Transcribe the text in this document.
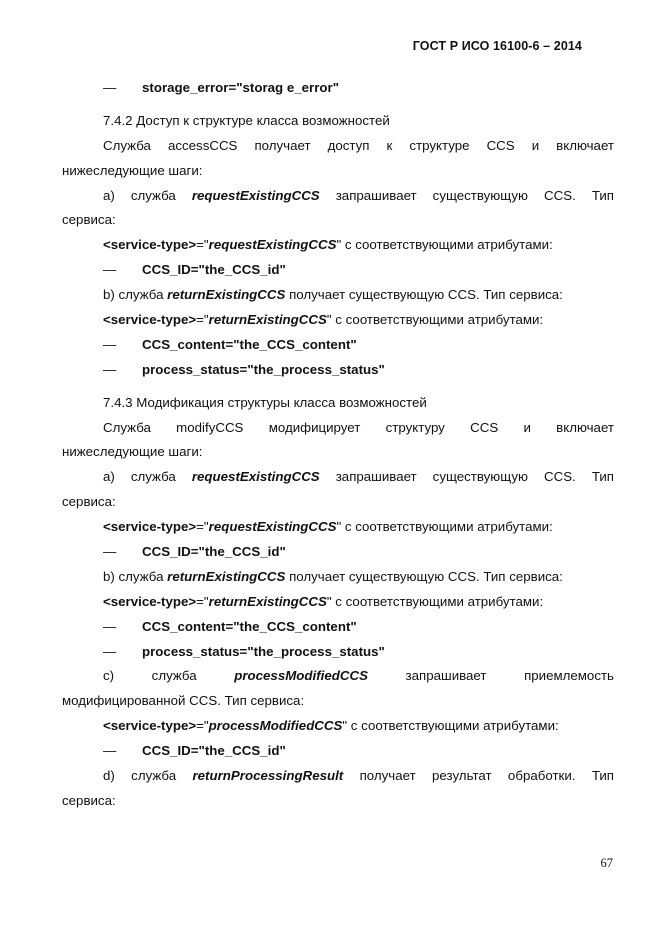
ГОСТ Р ИСО 16100-6 – 2014
— storage_error="storag e_error"
7.4.2 Доступ к структуре класса возможностей
Служба accessCCS получает доступ к структуре CCS и включает
нижеследующие шаги:
а) служба requestExistingCCS запрашивает существующую CCS. Тип
сервиса:
<service-type>="requestExistingCCS" с соответствующими атрибутами:
— CCS_ID="the_CCS_id"
b) служба returnExistingCCS получает существующую CCS. Тип сервиса:
<service-type>="returnExistingCCS" с соответствующими атрибутами:
— CCS_content="the_CCS_content"
— process_status="the_process_status"
7.4.3 Модификация структуры класса возможностей
Служба modifyCCS модифицирует структуру CCS и включает
нижеследующие шаги:
а) служба requestExistingCCS запрашивает существующую CCS. Тип
сервиса:
<service-type>="requestExistingCCS" с соответствующими атрибутами:
— CCS_ID="the_CCS_id"
b) служба returnExistingCCS получает существующую CCS. Тип сервиса:
<service-type>="returnExistingCCS" с соответствующими атрибутами:
— CCS_content="the_CCS_content"
— process_status="the_process_status"
с) служба processModifiedCCS запрашивает приемлемость
модифицированной CCS. Тип сервиса:
<service-type>="processModifiedCCS" с соответствующими атрибутами:
— CCS_ID="the_CCS_id"
d) служба returnProcessingResult получает результат обработки. Тип
сервиса:
67
